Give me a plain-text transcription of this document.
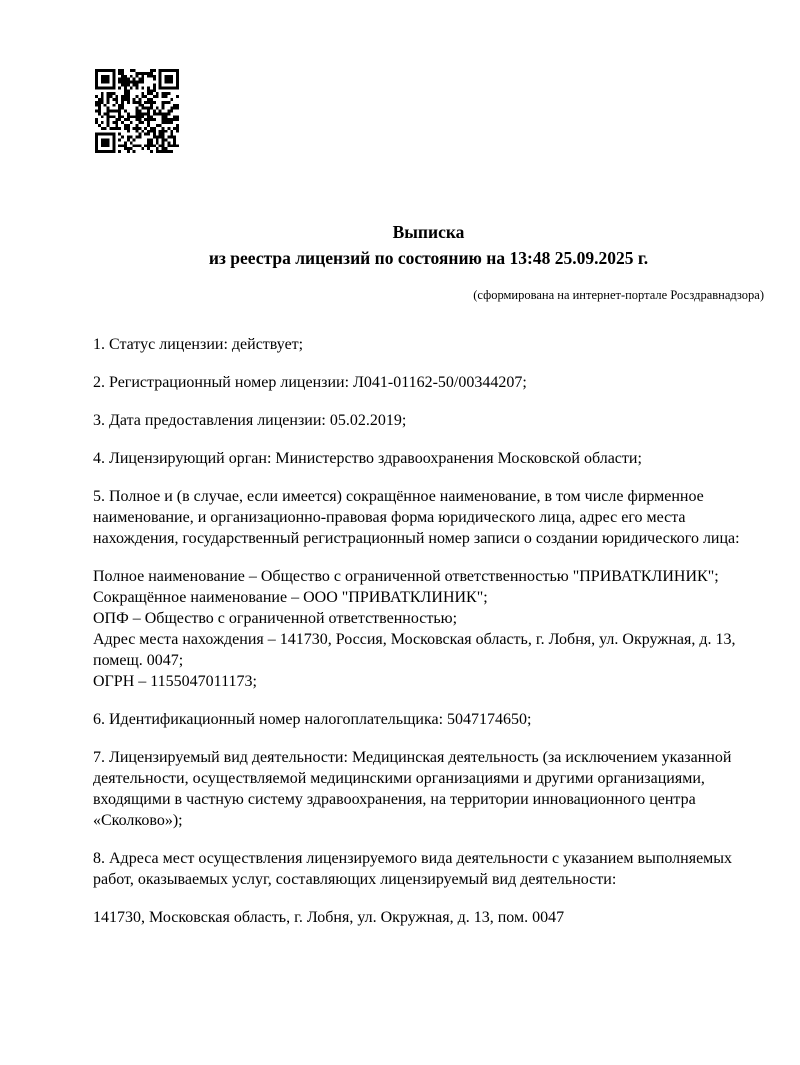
Выписка
из реестра лицензий по состоянию на 13:48 25.09.2025 г.
(сформирована на интернет-портале Росздравнадзора)

1. Статус лицензии: действует;

2. Регистрационный номер лицензии: Л041-01162-50/00344207;

3. Дата предоставления лицензии: 05.02.2019;

4. Лицензирующий орган: Министерство здравоохранения Московской области;

5. Полное и (в случае, если имеется) сокращённое наименование, в том числе фирменное наименование, и организационно-правовая форма юридического лица, адрес его места нахождения, государственный регистрационный номер записи о создании юридического лица:

Полное наименование – Общество с ограниченной ответственностью "ПРИВАТКЛИНИК";
Сокращённое наименование – ООО "ПРИВАТКЛИНИК";
ОПФ – Общество с ограниченной ответственностью;
Адрес места нахождения – 141730, Россия, Московская область, г. Лобня, ул. Окружная, д. 13, помещ. 0047;
ОГРН – 1155047011173;

6. Идентификационный номер налогоплательщика: 5047174650;

7. Лицензируемый вид деятельности: Медицинская деятельность (за исключением указанной деятельности, осуществляемой медицинскими организациями и другими организациями, входящими в частную систему здравоохранения, на территории инновационного центра «Сколково»);

8. Адреса мест осуществления лицензируемого вида деятельности с указанием выполняемых работ, оказываемых услуг, составляющих лицензируемый вид деятельности:

141730, Московская область, г. Лобня, ул. Окружная, д. 13, пом. 0047
